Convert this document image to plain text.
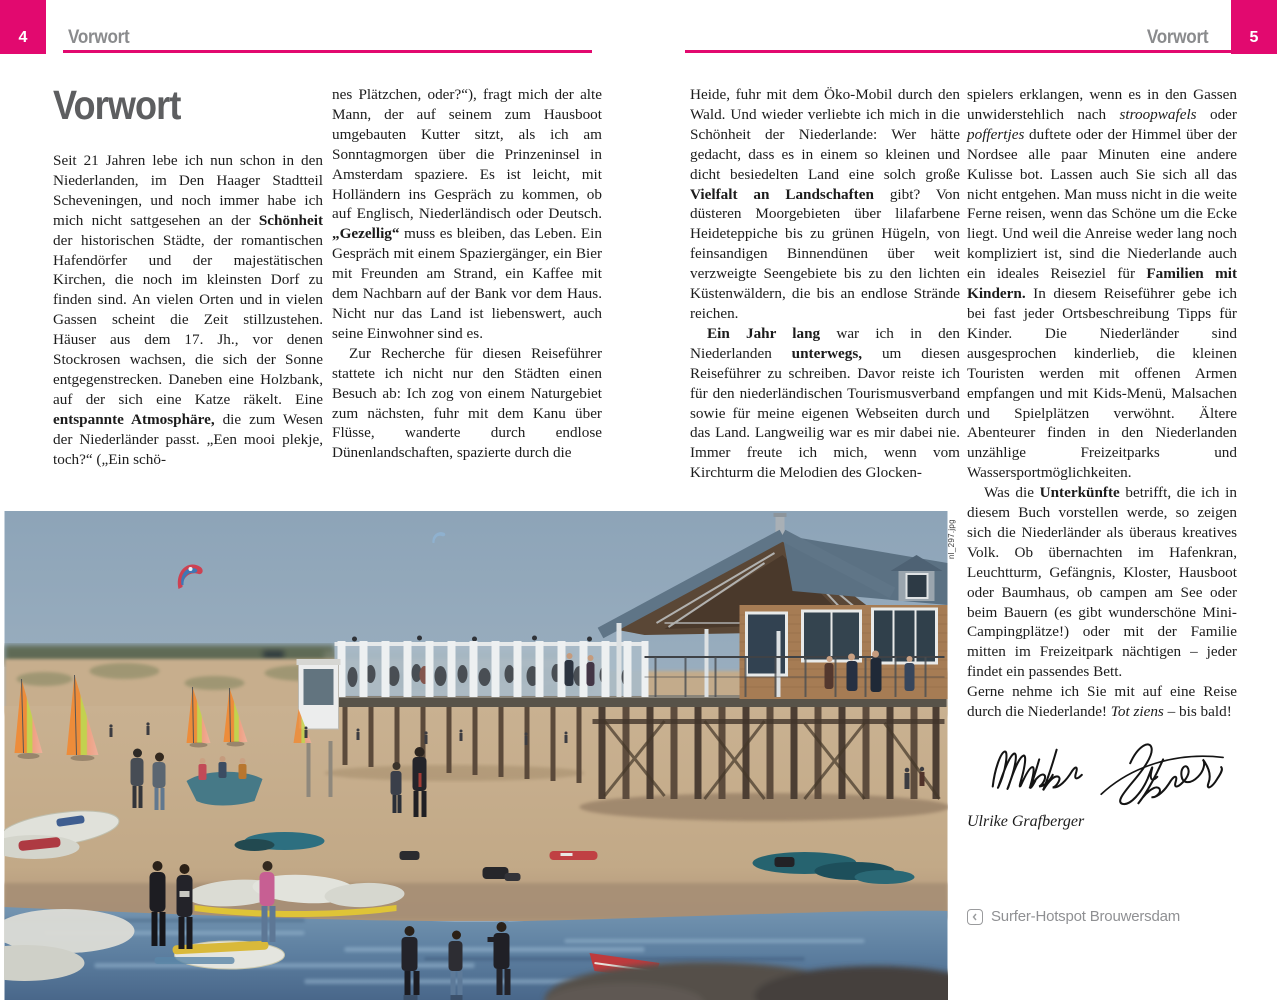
4 Vorwort	5
Vorwort
Vorwort

Seit 21 Jahren lebe ich nun schon in den Niederlanden, im Den Haager Stadtteil Scheveningen, und noch immer habe ich mich nicht sattgesehen an der Schönheit der historischen Städte, der romantischen Hafendörfer und der majestätischen Kirchen, die noch im kleinsten Dorf zu finden sind. An vielen Orten und in vielen Gassen scheint die Zeit stillzustehen. Häuser aus dem 17. Jh., vor denen Stockrosen wachsen, die sich der Sonne entgegenstrecken. Daneben eine Holzbank, auf der sich eine Katze räkelt. Eine entspannte Atmosphäre, die zum Wesen der Niederländer passt. „Een mooi plekje, toch?“ („Ein schö-

nes Plätzchen, oder?“), fragt mich der alte Mann, der auf seinem zum Hausboot umgebauten Kutter sitzt, als ich am Sonntagmorgen über die Prinzeninsel in Amsterdam spaziere. Es ist leicht, mit Holländern ins Gespräch zu kommen, ob auf Englisch, Niederländisch oder Deutsch. „Gezellig“ muss es bleiben, das Leben. Ein Gespräch mit einem Spaziergänger, ein Bier mit Freunden am Strand, ein Kaffee mit dem Nachbarn auf der Bank vor dem Haus. Nicht nur das Land ist liebenswert, auch seine Einwohner sind es.

Zur Recherche für diesen Reiseführer stattete ich nicht nur den Städten einen Besuch ab: Ich zog von einem Naturgebiet zum nächsten, fuhr mit dem Kanu über Flüsse, wanderte durch endlose Dünenlandschaften, spazierte durch die

Heide, fuhr mit dem Öko-Mobil durch den Wald. Und wieder verliebte ich mich in die Schönheit der Niederlande: Wer hätte gedacht, dass es in einem so kleinen und dicht besiedelten Land eine solch große Vielfalt an Landschaften gibt? Von düsteren Moorgebieten über lilafarbene Heideteppiche bis zu grünen Hügeln, von feinsandigen Binnendünen über weit verzweigte Seengebiete bis zu den lichten Küstenwäldern, die bis an endlose Strände reichen.

Ein Jahr lang war ich in den Niederlanden unterwegs, um diesen Reiseführer zu schreiben. Davor reiste ich für den niederländischen Tourismusverband sowie für meine eigenen Webseiten durch das Land. Langweilig war es mir dabei nie. Immer freute ich mich, wenn vom Kirchturm die Melodien des Glocken-

spielers erklangen, wenn es in den Gassen unwiderstehlich nach stroopwafels oder poffertjes duftete oder der Himmel über der Nordsee alle paar Minuten eine andere Kulisse bot. Lassen auch Sie sich all das nicht entgehen. Man muss nicht in die weite Ferne reisen, wenn das Schöne um die Ecke liegt. Und weil die Anreise weder lang noch kompliziert ist, sind die Niederlande auch ein ideales Reiseziel für Familien mit Kindern. In diesem Reiseführer gebe ich bei fast jeder Ortsbeschreibung Tipps für Kinder. Die Niederländer sind ausgesprochen kinderlieb, die kleinen Touristen werden mit offenen Armen empfangen und mit Kids-Menü, Malsachen und Spielplätzen verwöhnt. Ältere Abenteurer finden in den Niederlanden unzählige Freizeitparks und Wassersportmöglichkeiten.

Was die Unterkünfte betrifft, die ich in diesem Buch vorstellen werde, so zeigen sich die Niederländer als überaus kreatives Volk. Ob übernachten im Hafenkran, Leuchtturm, Gefängnis, Kloster, Hausboot oder Baumhaus, ob campen am See oder beim Bauern (es gibt wunderschöne Mini-Campingplätze!) oder mit der Familie mitten im Freizeitpark nächtigen – jeder findet ein passendes Bett.

Gerne nehme ich Sie mit auf eine Reise durch die Niederlande! Tot ziens – bis bald!

Ulrike Grafberger

nl_297.jpg
Surfer-Hotspot Brouwersdam
